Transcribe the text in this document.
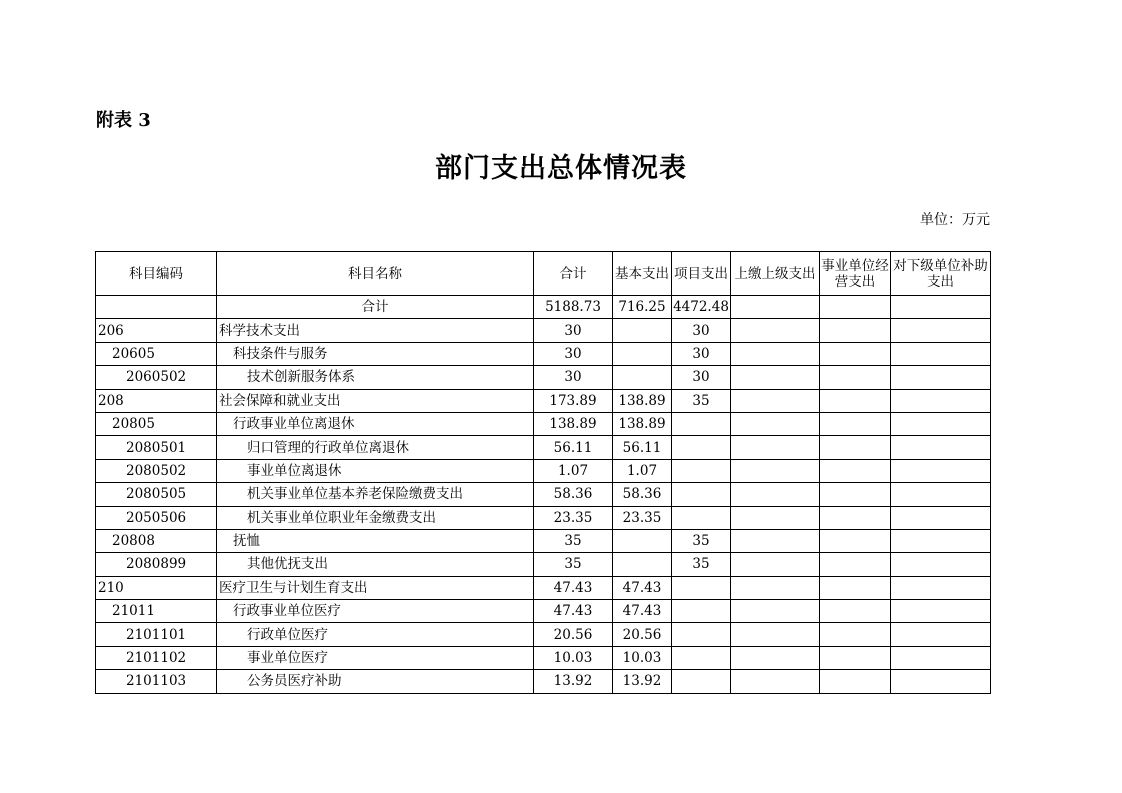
附表 3
部门支出总体情况表
单位：万元
科目编码	科目名称	合计	基本支出	项目支出	上缴上级支出	事业单位经营支出	对下级单位补助支出
	合计	5188.73	716.25	4472.48			
206	科学技术支出	30		30			
20605	科技条件与服务	30		30			
2060502	技术创新服务体系	30		30			
208	社会保障和就业支出	173.89	138.89	35			
20805	行政事业单位离退休	138.89	138.89				
2080501	归口管理的行政单位离退休	56.11	56.11				
2080502	事业单位离退休	1.07	1.07				
2080505	机关事业单位基本养老保险缴费支出	58.36	58.36				
2050506	机关事业单位职业年金缴费支出	23.35	23.35				
20808	抚恤	35		35			
2080899	其他优抚支出	35		35			
210	医疗卫生与计划生育支出	47.43	47.43				
21011	行政事业单位医疗	47.43	47.43				
2101101	行政单位医疗	20.56	20.56				
2101102	事业单位医疗	10.03	10.03				
2101103	公务员医疗补助	13.92	13.92				
